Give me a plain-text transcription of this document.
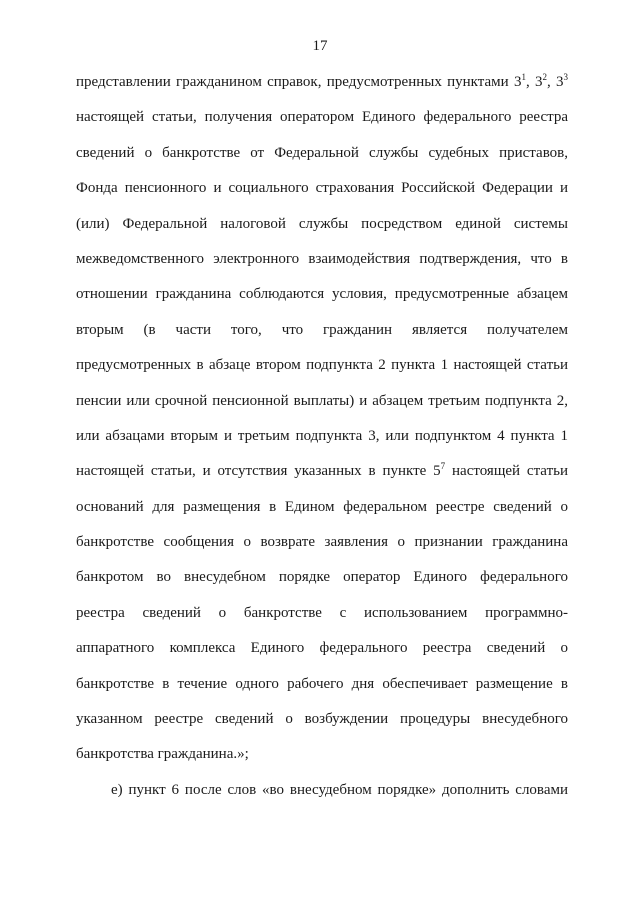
17
представлении гражданином справок, предусмотренных пунктами $3^1$, $3^2$, $3^3$
настоящей статьи, получения оператором Единого федерального реестра
сведений о банкротстве от Федеральной службы судебных приставов,
Фонда пенсионного и социального страхования Российской Федерации и
(или) Федеральной налоговой службы посредством единой системы
межведомственного электронного взаимодействия подтверждения, что в
отношении гражданина соблюдаются условия, предусмотренные абзацем
вторым (в части того, что гражданин является получателем
предусмотренных в абзаце втором подпункта 2 пункта 1 настоящей статьи
пенсии или срочной пенсионной выплаты) и абзацем третьим подпункта 2,
или абзацами вторым и третьим подпункта 3, или подпунктом 4 пункта 1
настоящей статьи, и отсутствия указанных в пункте $5^7$ настоящей статьи
оснований для размещения в Едином федеральном реестре сведений о
банкротстве сообщения о возврате заявления о признании гражданина
банкротом во внесудебном порядке оператор Единого федерального
реестра сведений о банкротстве с использованием программно-
аппаратного комплекса Единого федерального реестра сведений о
банкротстве в течение одного рабочего дня обеспечивает размещение в
указанном реестре сведений о возбуждении процедуры внесудебного
банкротства гражданина.»;
е) пункт 6 после слов «во внесудебном порядке» дополнить словами
